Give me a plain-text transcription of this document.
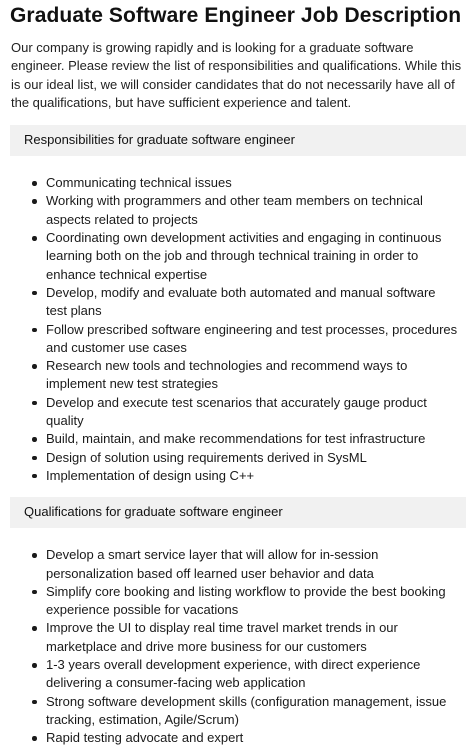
Graduate Software Engineer Job Description

Our company is growing rapidly and is looking for a graduate software engineer. Please review the list of responsibilities and qualifications. While this is our ideal list, we will consider candidates that do not necessarily have all of the qualifications, but have sufficient experience and talent.

Responsibilities for graduate software engineer
Communicating technical issues
Working with programmers and other team members on technical aspects related to projects
Coordinating own development activities and engaging in continuous learning both on the job and through technical training in order to enhance technical expertise
Develop, modify and evaluate both automated and manual software test plans
Follow prescribed software engineering and test processes, procedures and customer use cases
Research new tools and technologies and recommend ways to implement new test strategies
Develop and execute test scenarios that accurately gauge product quality
Build, maintain, and make recommendations for test infrastructure
Design of solution using requirements derived in SysML
Implementation of design using C++
Qualifications for graduate software engineer
Develop a smart service layer that will allow for in-session personalization based off learned user behavior and data
Simplify core booking and listing workflow to provide the best booking experience possible for vacations
Improve the UI to display real time travel market trends in our marketplace and drive more business for our customers
1-3 years overall development experience, with direct experience delivering a consumer-facing web application
Strong software development skills (configuration management, issue tracking, estimation, Agile/Scrum)
Rapid testing advocate and expert
